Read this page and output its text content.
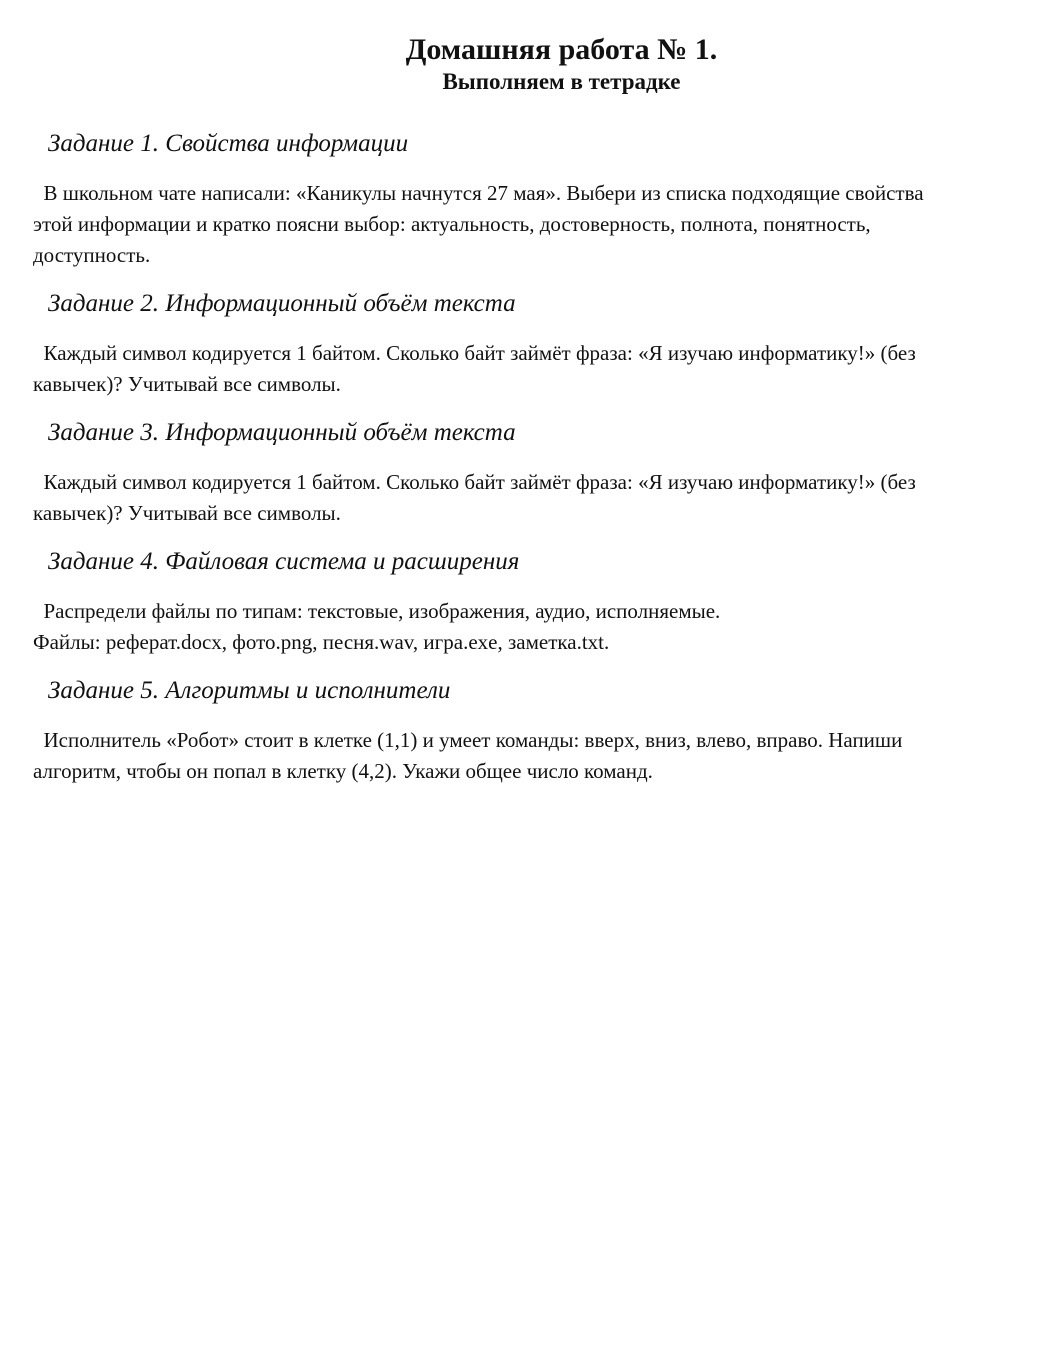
Домашняя работа № 1.
Выполняем в тетрадке
Задание 1. Свойства информации

В школьном чате написали: «Каникулы начнутся 27 мая». Выбери из списка подходящие свойства
этой информации и кратко поясни выбор: актуальность, достоверность, полнота, понятность,
доступность.

Задание 2. Информационный объём текста

Каждый символ кодируется 1 байтом. Сколько байт займёт фраза: «Я изучаю информатику!» (без
кавычек)? Учитывай все символы.

Задание 3. Информационный объём текста

Каждый символ кодируется 1 байтом. Сколько байт займёт фраза: «Я изучаю информатику!» (без
кавычек)? Учитывай все символы.

Задание 4. Файловая система и расширения

Распредели файлы по типам: текстовые, изображения, аудио, исполняемые.
Файлы: реферат.docx, фото.png, песня.wav, игра.exe, заметка.txt.

Задание 5. Алгоритмы и исполнители

Исполнитель «Робот» стоит в клетке (1,1) и умеет команды: вверх, вниз, влево, вправо. Напиши
алгоритм, чтобы он попал в клетку (4,2). Укажи общее число команд.
